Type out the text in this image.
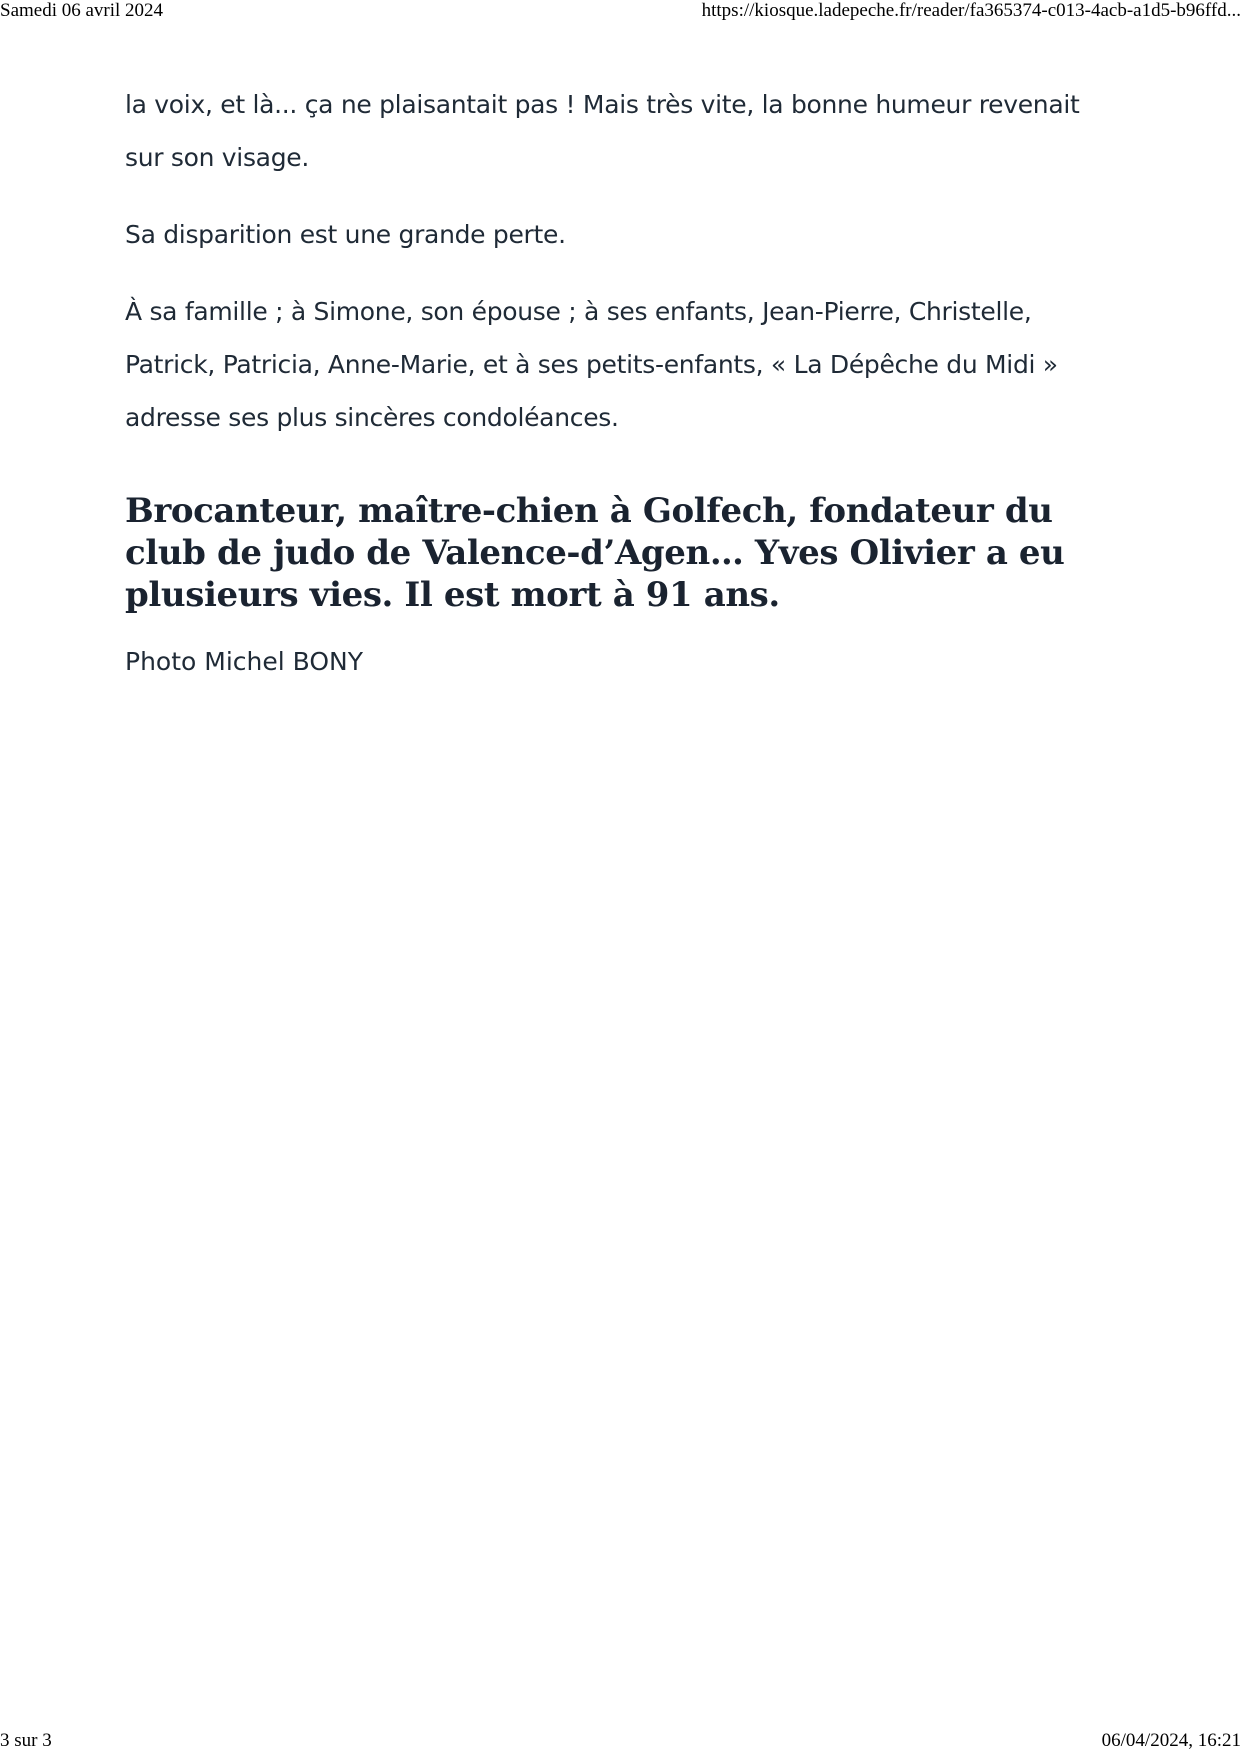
Samedi 06 avril 2024	https://kiosque.ladepeche.fr/reader/fa365374-c013-4acb-a1d5-b96ffd...

la voix, et là... ça ne plaisantait pas ! Mais très vite, la bonne humeur revenait sur son visage.

Sa disparition est une grande perte.

À sa famille ; à Simone, son épouse ; à ses enfants, Jean-Pierre, Christelle, Patrick, Patricia, Anne-Marie, et à ses petits-enfants, « La Dépêche du Midi » adresse ses plus sincères condoléances.

Brocanteur, maître-chien à Golfech, fondateur du club de judo de Valence-d’Agen… Yves Olivier a eu plusieurs vies. Il est mort à 91 ans.

Photo Michel BONY

3 sur 3	06/04/2024, 16:21
